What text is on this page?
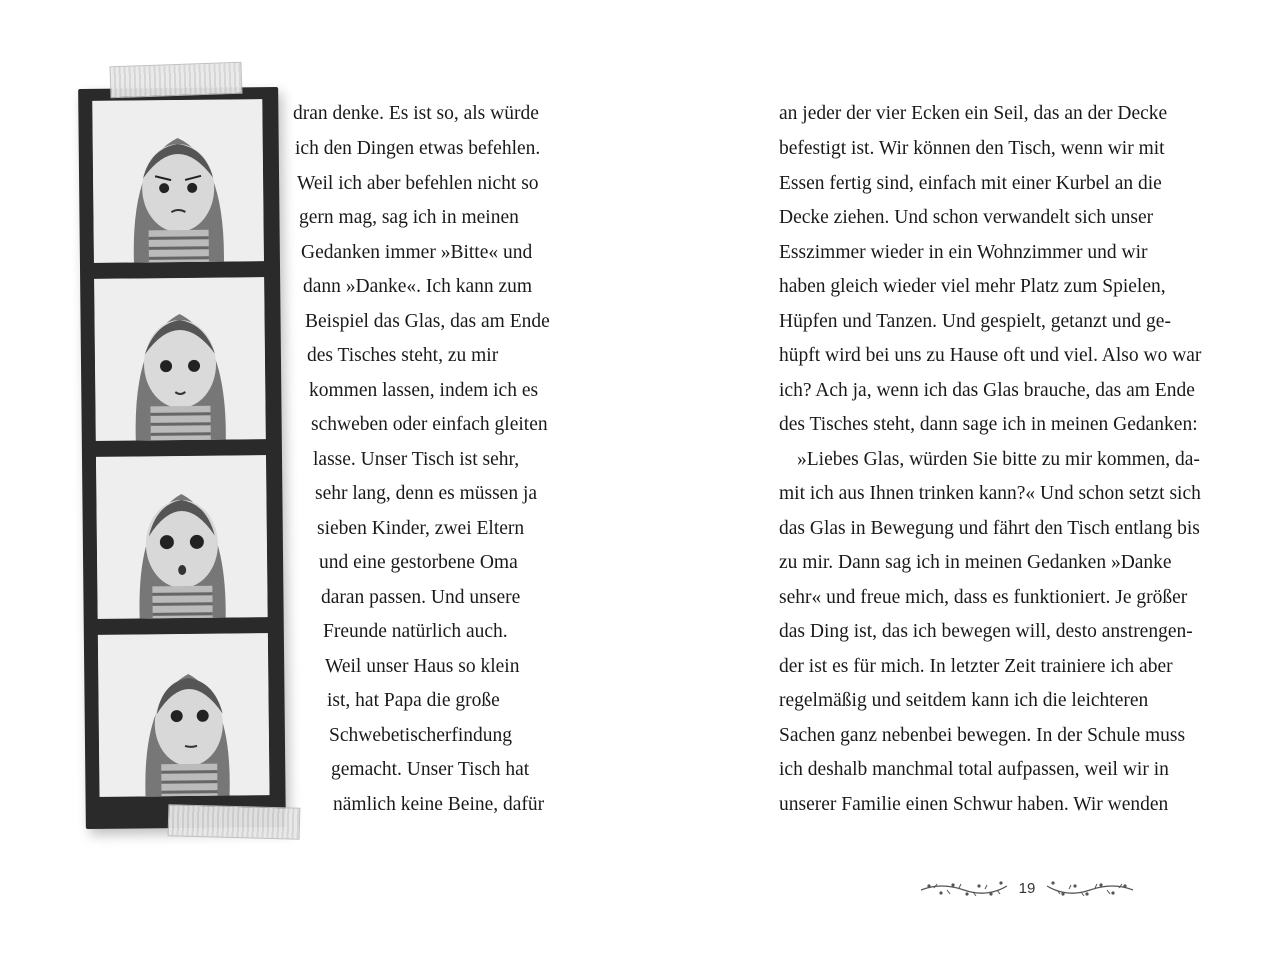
dran denke. Es ist so, als würde
ich den Dingen etwas befehlen.
Weil ich aber befehlen nicht so
gern mag, sag ich in meinen
Gedanken immer »Bitte« und
dann »Danke«. Ich kann zum
Beispiel das Glas, das am Ende
des Tisches steht, zu mir
kommen lassen, indem ich es
schweben oder einfach gleiten
lasse. Unser Tisch ist sehr,
sehr lang, denn es müssen ja
sieben Kinder, zwei Eltern
und eine gestorbene Oma
daran passen. Und unsere
Freunde natürlich auch.
Weil unser Haus so klein
ist, hat Papa die große
Schwebetischerfindung
gemacht. Unser Tisch hat
nämlich keine Beine, dafür
an jeder der vier Ecken ein Seil, das an der Decke
befestigt ist. Wir können den Tisch, wenn wir mit
Essen fertig sind, einfach mit einer Kurbel an die
Decke ziehen. Und schon verwandelt sich unser
Esszimmer wieder in ein Wohnzimmer und wir
haben gleich wieder viel mehr Platz zum Spielen,
Hüpfen und Tanzen. Und gespielt, getanzt und ge-
hüpft wird bei uns zu Hause oft und viel. Also wo war
ich? Ach ja, wenn ich das Glas brauche, das am Ende
des Tisches steht, dann sage ich in meinen Gedanken:
»Liebes Glas, würden Sie bitte zu mir kommen, da-
mit ich aus Ihnen trinken kann?« Und schon setzt sich
das Glas in Bewegung und fährt den Tisch entlang bis
zu mir. Dann sag ich in meinen Gedanken »Danke
sehr« und freue mich, dass es funktioniert. Je größer
das Ding ist, das ich bewegen will, desto anstrengen-
der ist es für mich. In letzter Zeit trainiere ich aber
regelmäßig und seitdem kann ich die leichteren
Sachen ganz nebenbei bewegen. In der Schule muss
ich deshalb manchmal total aufpassen, weil wir in
unserer Familie einen Schwur haben. Wir wenden
19
